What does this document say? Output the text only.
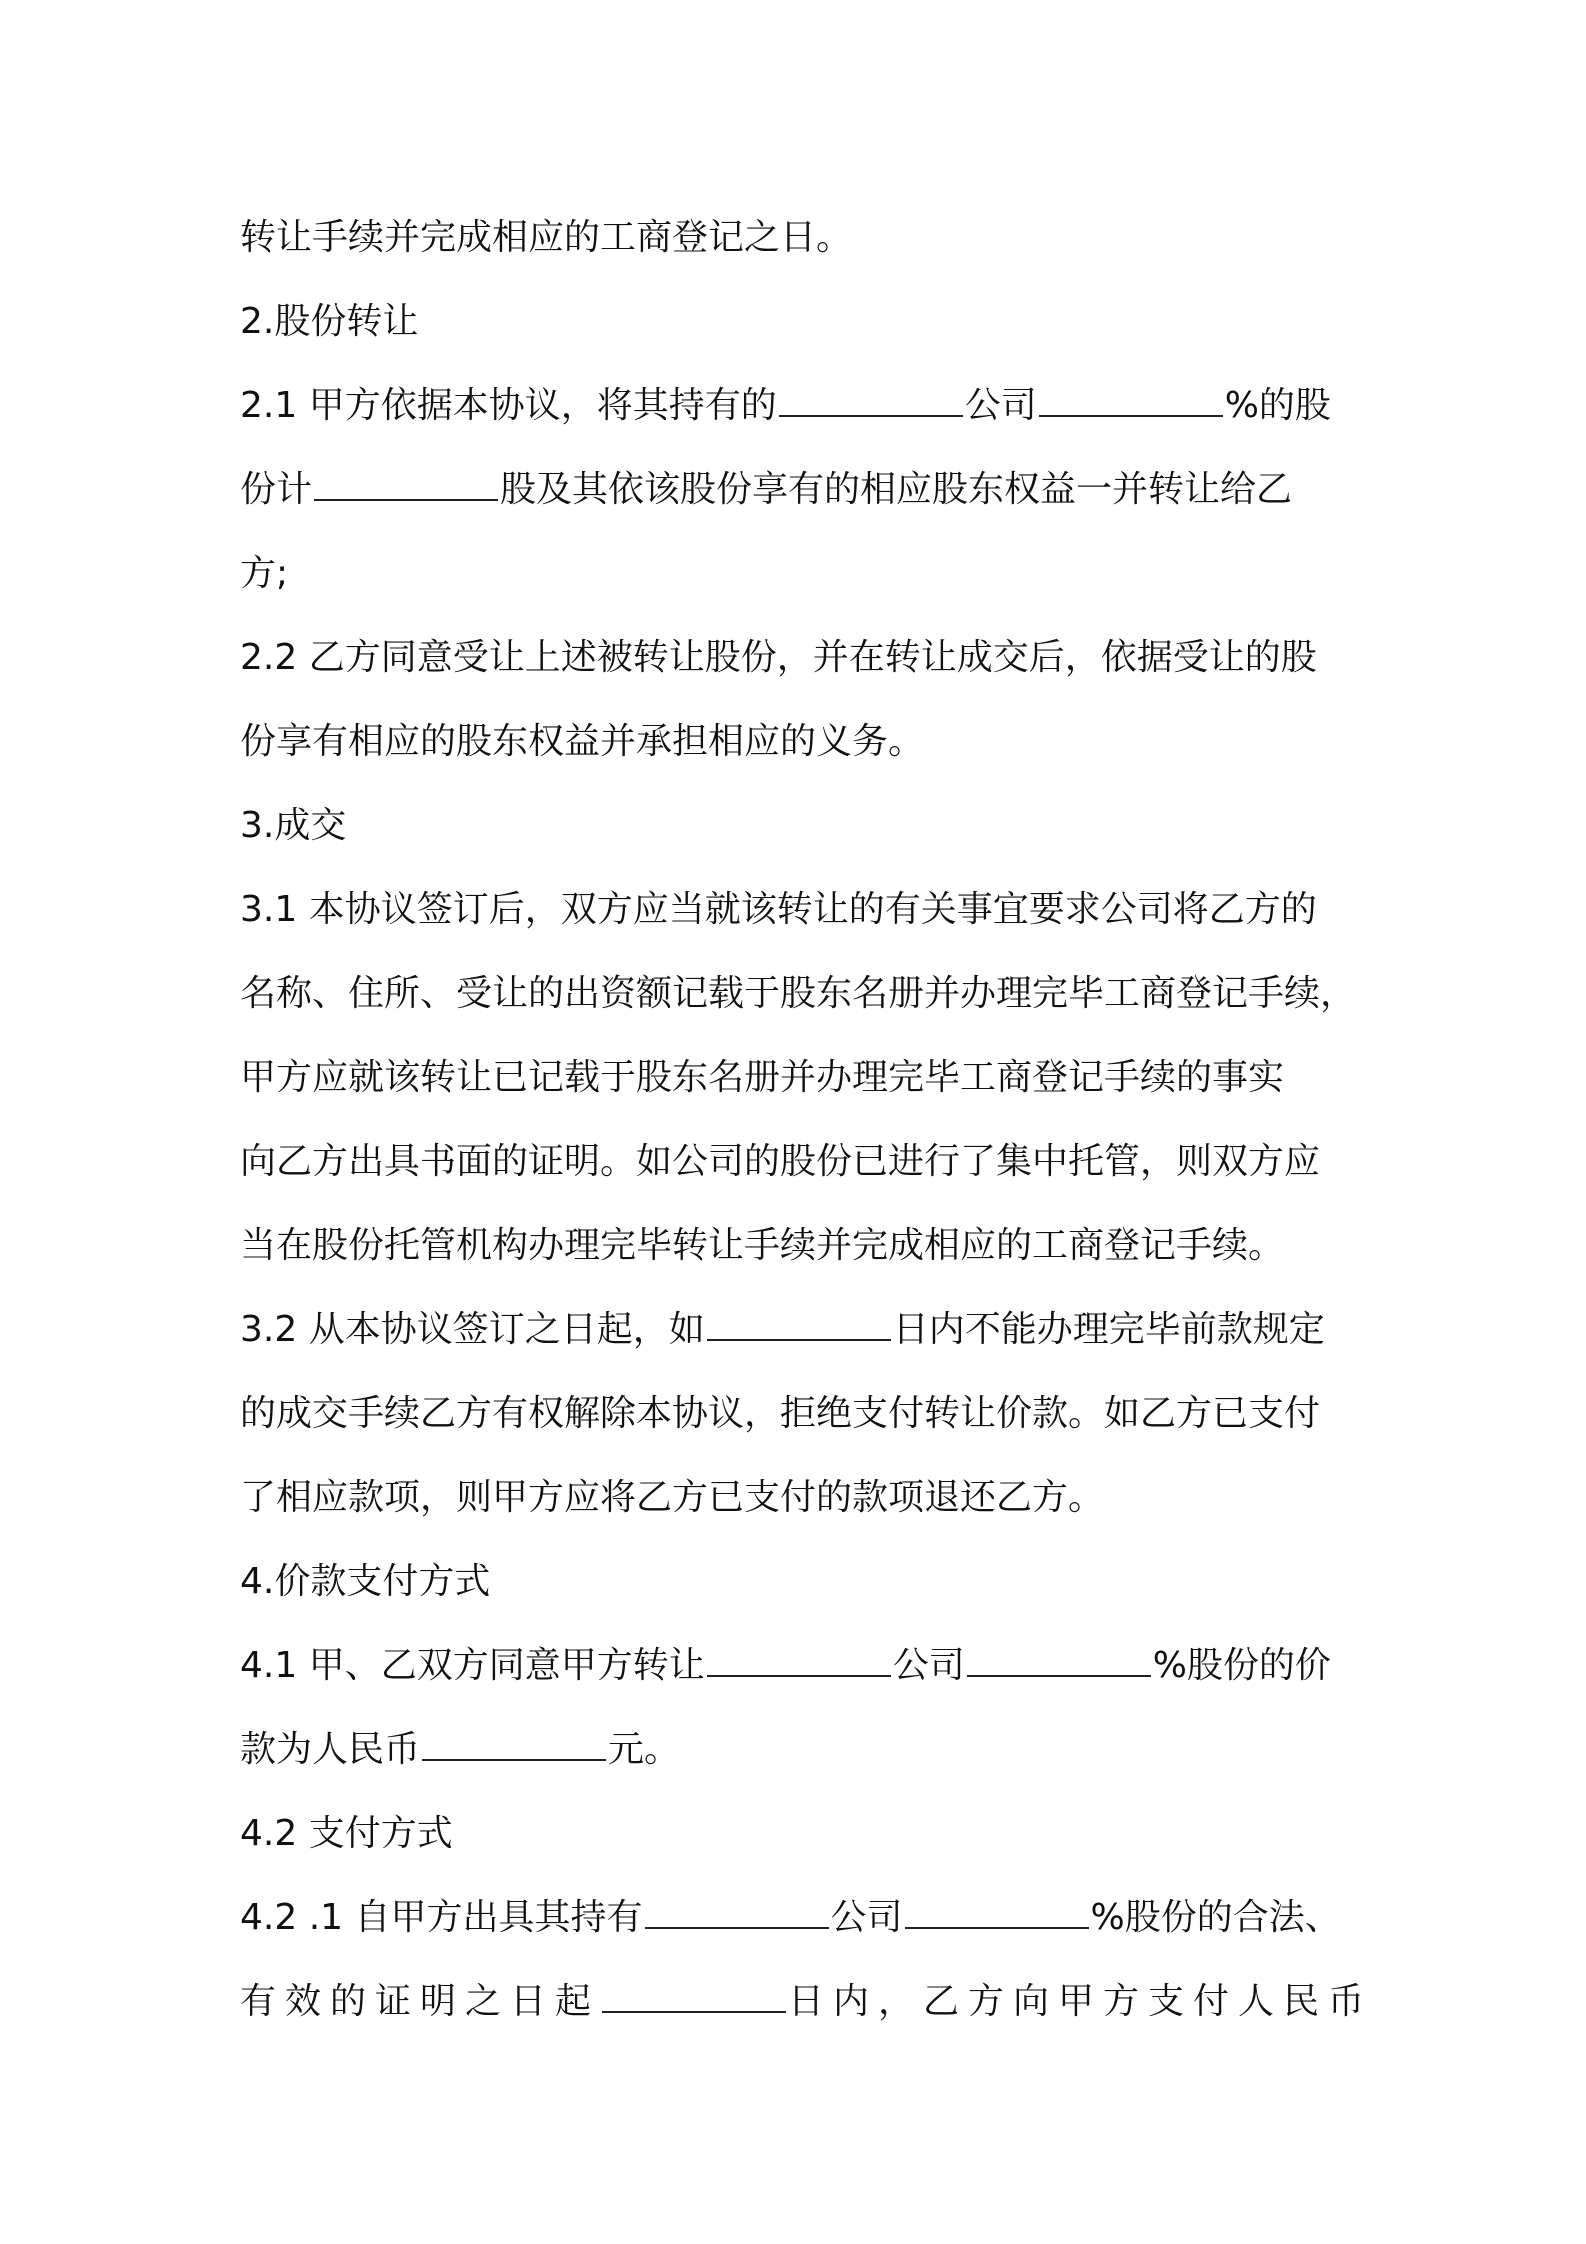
转让手续并完成相应的工商登记之日。
2.股份转让
2.1 甲方依据本协议，将其持有的	公司	%的股
份计	股及其依该股份享有的相应股东权益一并转让给乙
方;
2.2 乙方同意受让上述被转让股份，并在转让成交后，依据受让的股
份享有相应的股东权益并承担相应的义务。
3.成交
3.1 本协议签订后，双方应当就该转让的有关事宜要求公司将乙方的
名称、住所、受让的出资额记载于股东名册并办理完毕工商登记手续，
甲方应就该转让已记载于股东名册并办理完毕工商登记手续的事实
向乙方出具书面的证明。如公司的股份已进行了集中托管，则双方应
当在股份托管机构办理完毕转让手续并完成相应的工商登记手续。
3.2 从本协议签订之日起，如	日内不能办理完毕前款规定
的成交手续乙方有权解除本协议，拒绝支付转让价款。如乙方已支付
了相应款项，则甲方应将乙方已支付的款项退还乙方。
4.价款支付方式
4.1 甲、乙双方同意甲方转让	公司	%股份的价
款为人民币	元。
4.2 支付方式
4.2 .1 自甲方出具其持有	公司	%股份的合法、
有效的证明之日起	日内，乙方向甲方支付人民币
